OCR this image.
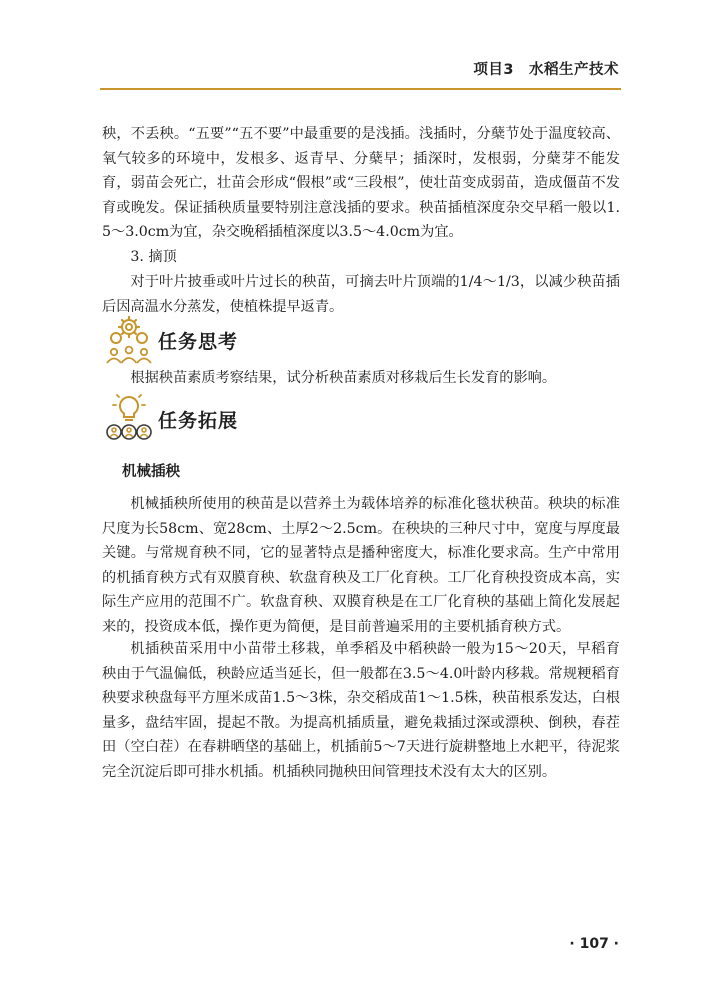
项目3　水稻生产技术

秧，不丢秧。“五要”“五不要”中最重要的是浅插。浅插时，分蘖节处于温度较高、氧气较多的环境中，发根多、返青早、分蘖早；插深时，发根弱，分蘖芽不能发育，弱苗会死亡，壮苗会形成“假根”或“三段根”，使壮苗变成弱苗，造成僵苗不发育或晚发。保证插秧质量要特别注意浅插的要求。秧苗插植深度杂交早稻一般以1.5～3.0cm为宜，杂交晚稻插植深度以3.5～4.0cm为宜。

3. 摘顶

对于叶片披垂或叶片过长的秧苗，可摘去叶片顶端的1/4～1/3，以减少秧苗插后因高温水分蒸发，使植株提早返青。

任务思考

根据秧苗素质考察结果，试分析秧苗素质对移栽后生长发育的影响。

任务拓展
机械插秧

机械插秧所使用的秧苗是以营养土为载体培养的标准化毯状秧苗。秧块的标准尺度为长58cm、宽28cm、土厚2～2.5cm。在秧块的三种尺寸中，宽度与厚度最关键。与常规育秧不同，它的显著特点是播种密度大，标准化要求高。生产中常用的机插育秧方式有双膜育秧、软盘育秧及工厂化育秧。工厂化育秧投资成本高，实际生产应用的范围不广。软盘育秧、双膜育秧是在工厂化育秧的基础上简化发展起来的，投资成本低，操作更为简便，是目前普遍采用的主要机插育秧方式。

机插秧苗采用中小苗带土移栽，单季稻及中稻秧龄一般为15～20天，早稻育秧由于气温偏低，秧龄应适当延长，但一般都在3.5～4.0叶龄内移栽。常规粳稻育秧要求秧盘每平方厘米成苗1.5～3株，杂交稻成苗1～1.5株，秧苗根系发达，白根量多，盘结牢固，提起不散。为提高机插质量，避免栽插过深或漂秧、倒秧，春茬田（空白茬）在春耕晒垡的基础上，机插前5～7天进行旋耕整地上水耙平，待泥浆完全沉淀后即可排水机插。机插秧同抛秧田间管理技术没有太大的区别。

· 107 ·
